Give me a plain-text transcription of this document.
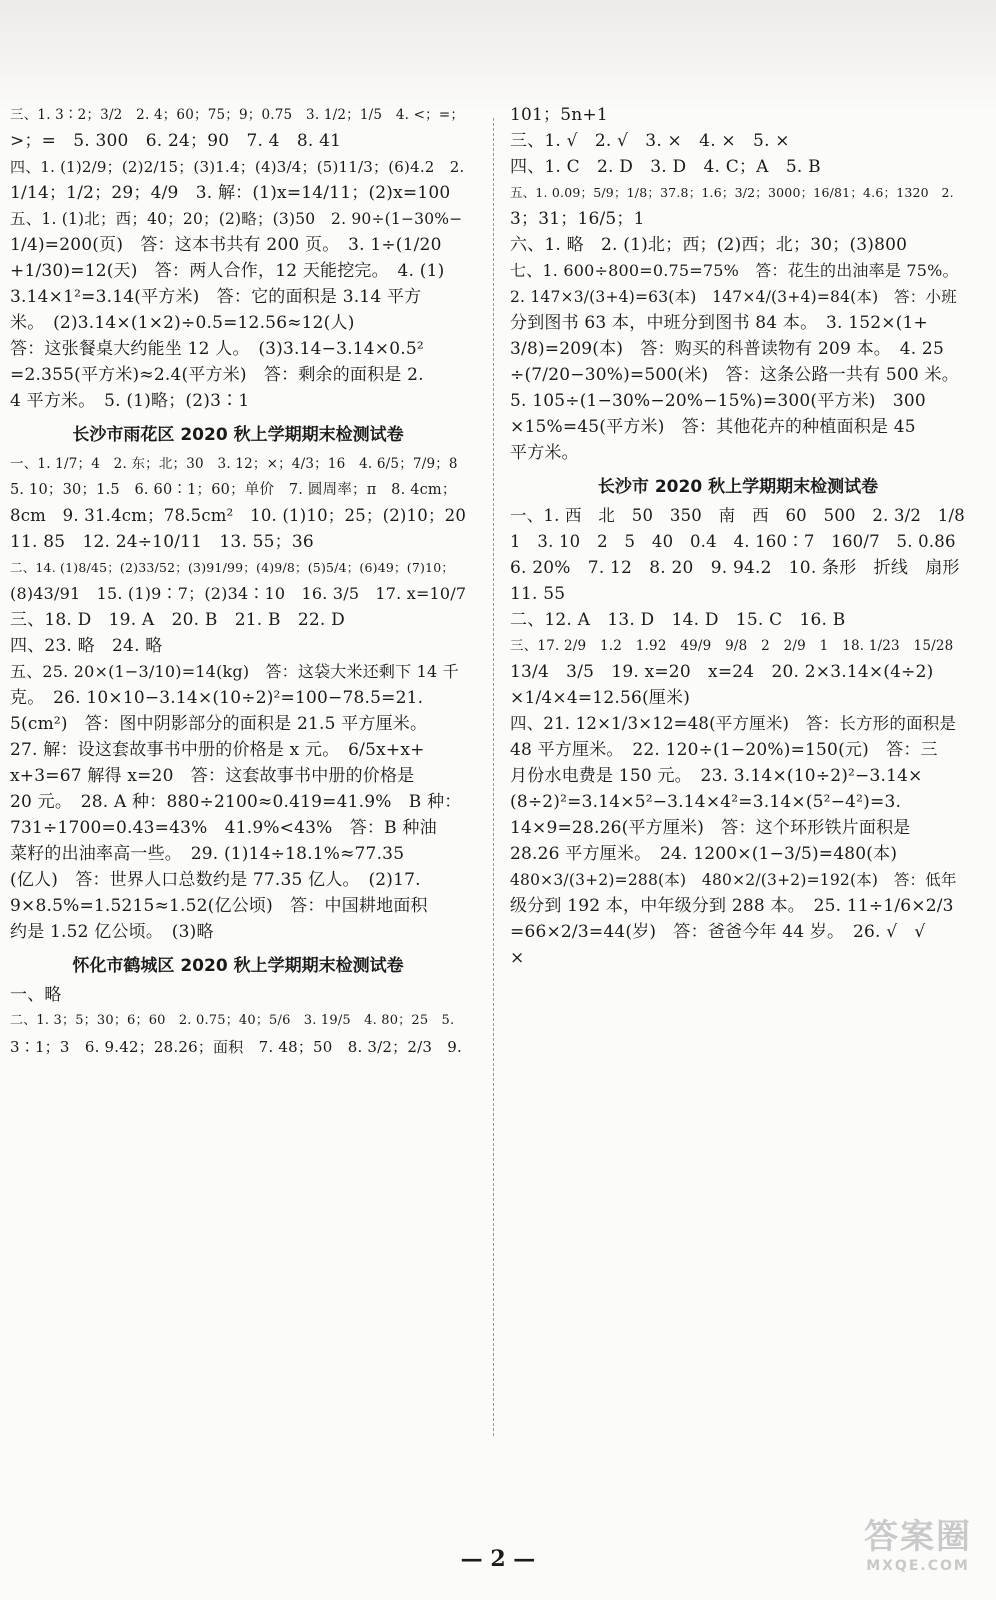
三、1. 3∶2；3/2　2. 4；60；75；9；0.75　3. 1/2；1/5　4. <；=；

>；=　5. 300　6. 24；90　7. 4　8. 41

四、1. (1)2/9；(2)2/15；(3)1.4；(4)3/4；(5)11/3；(6)4.2　2.

1/14；1/2；29；4/9　3. 解：(1)x=14/11；(2)x=100

五、1. (1)北；西；40；20；(2)略；(3)50　2. 90÷(1−30%−

1/4)=200(页)　答：这本书共有 200 页。　3. 1÷(1/20

+1/30)=12(天)　答：两人合作，12 天能挖完。　4. (1)

3.14×1²=3.14(平方米)　答：它的面积是 3.14 平方

米。　(2)3.14×(1×2)÷0.5=12.56≈12(人)

答：这张餐桌大约能坐 12 人。　(3)3.14−3.14×0.5²

=2.355(平方米)≈2.4(平方米)　答：剩余的面积是 2.

4 平方米。　5. (1)略；(2)3∶1

长沙市雨花区 2020 秋上学期期末检测试卷

一、1. 1/7；4　2. 东；北；30　3. 12；×；4/3；16　4. 6/5；7/9；8

5. 10；30；1.5　6. 60∶1；60；单价　7. 圆周率；π　8. 4cm；

8cm　9. 31.4cm；78.5cm²　10. (1)10；25；(2)10；20

11. 85　12. 24÷10/11　13. 55；36

二、14. (1)8/45；(2)33/52；(3)91/99；(4)9/8；(5)5/4；(6)49；(7)10；

(8)43/91　15. (1)9∶7；(2)34∶10　16. 3/5　17. x=10/7

三、18. D　19. A　20. B　21. B　22. D

四、23. 略　24. 略

五、25. 20×(1−3/10)=14(kg)　答：这袋大米还剩下 14 千

克。　26. 10×10−3.14×(10÷2)²=100−78.5=21.

5(cm²)　答：图中阴影部分的面积是 21.5 平方厘米。

27. 解：设这套故事书中册的价格是 x 元。　6/5x+x+

x+3=67 解得 x=20　答：这套故事书中册的价格是

20 元。　28. A 种：880÷2100≈0.419=41.9%　B 种：

731÷1700=0.43=43%　41.9%<43%　答：B 种油

菜籽的出油率高一些。　29. (1)14÷18.1%≈77.35

(亿人)　答：世界人口总数约是 77.35 亿人。　(2)17.

9×8.5%=1.5215≈1.52(亿公顷)　答：中国耕地面积

约是 1.52 亿公顷。　(3)略

怀化市鹤城区 2020 秋上学期期末检测试卷

一、略

二、1. 3；5；30；6；60　2. 0.75；40；5/6　3. 19/5　4. 80；25　5.

3∶1；3　6. 9.42；28.26；面积　7. 48；50　8. 3/2；2/3　9.

101；5n+1

三、1. √　2. √　3. ×　4. ×　5. ×

四、1. C　2. D　3. D　4. C；A　5. B

五、1. 0.09；5/9；1/8；37.8；1.6；3/2；3000；16/81；4.6；1320　2.

3；31；16/5；1

六、1. 略　2. (1)北；西；(2)西；北；30；(3)800

七、1. 600÷800=0.75=75%　答：花生的出油率是 75%。

2. 147×3/(3+4)=63(本)　147×4/(3+4)=84(本)　答：小班

分到图书 63 本，中班分到图书 84 本。　3. 152×(1+

3/8)=209(本)　答：购买的科普读物有 209 本。　4. 25

÷(7/20−30%)=500(米)　答：这条公路一共有 500 米。

5. 105÷(1−30%−20%−15%)=300(平方米)　300

×15%=45(平方米)　答：其他花卉的种植面积是 45

平方米。

长沙市 2020 秋上学期期末检测试卷

一、1. 西　北　50　350　南　西　60　500　2. 3/2　1/8

1　3. 10　2　5　40　0.4　4. 160∶7　160/7　5. 0.86

6. 20%　7. 12　8. 20　9. 94.2　10. 条形　折线　扇形

11. 55

二、12. A　13. D　14. D　15. C　16. B

三、17. 2/9　1.2　1.92　49/9　9/8　2　2/9　1　18. 1/23　15/28

13/4　3/5　19. x=20　x=24　20. 2×3.14×(4÷2)

×1/4×4=12.56(厘米)

四、21. 12×1/3×12=48(平方厘米)　答：长方形的面积是

48 平方厘米。　22. 120÷(1−20%)=150(元)　答：三

月份水电费是 150 元。　23. 3.14×(10÷2)²−3.14×

(8÷2)²=3.14×5²−3.14×4²=3.14×(5²−4²)=3.

14×9=28.26(平方厘米)　答：这个环形铁片面积是

28.26 平方厘米。　24. 1200×(1−3/5)=480(本)

480×3/(3+2)=288(本)　480×2/(3+2)=192(本)　答：低年

级分到 192 本，中年级分到 288 本。　25. 11÷1/6×2/3

=66×2/3=44(岁)　答：爸爸今年 44 岁。　26. √　√

×

— 2 —
答案圈
MXQE.COM
